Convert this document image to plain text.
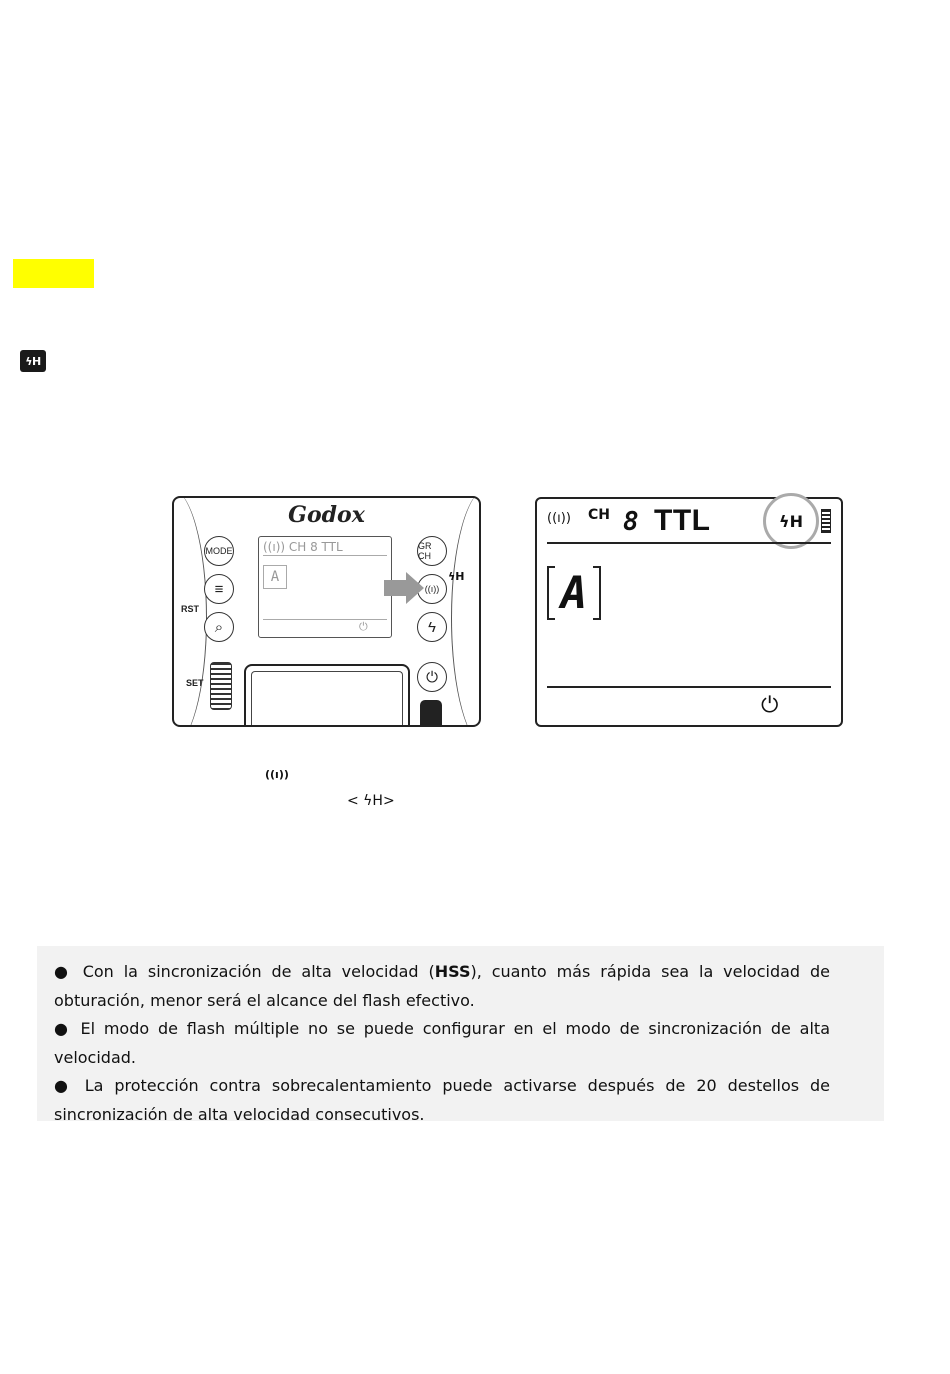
ϟH
Godox
((ı)) CH 8 TTL
A
⏻
MODE
≡
⌕
RST
GR CH
((ı))
ϟ
⏻
ϟH
SET
((ı)) CH 8 TTL	ϟH
A
⏻
((ı))
< ϟH>

● Con la sincronización de alta velocidad (HSS), cuanto más rápida sea la velocidad de obturación, menor será el alcance del flash efectivo.

● El modo de flash múltiple no se puede configurar en el modo de sincronización de alta velocidad.

● La protección contra sobrecalentamiento puede activarse después de 20 destellos de sincronización de alta velocidad consecutivos.
